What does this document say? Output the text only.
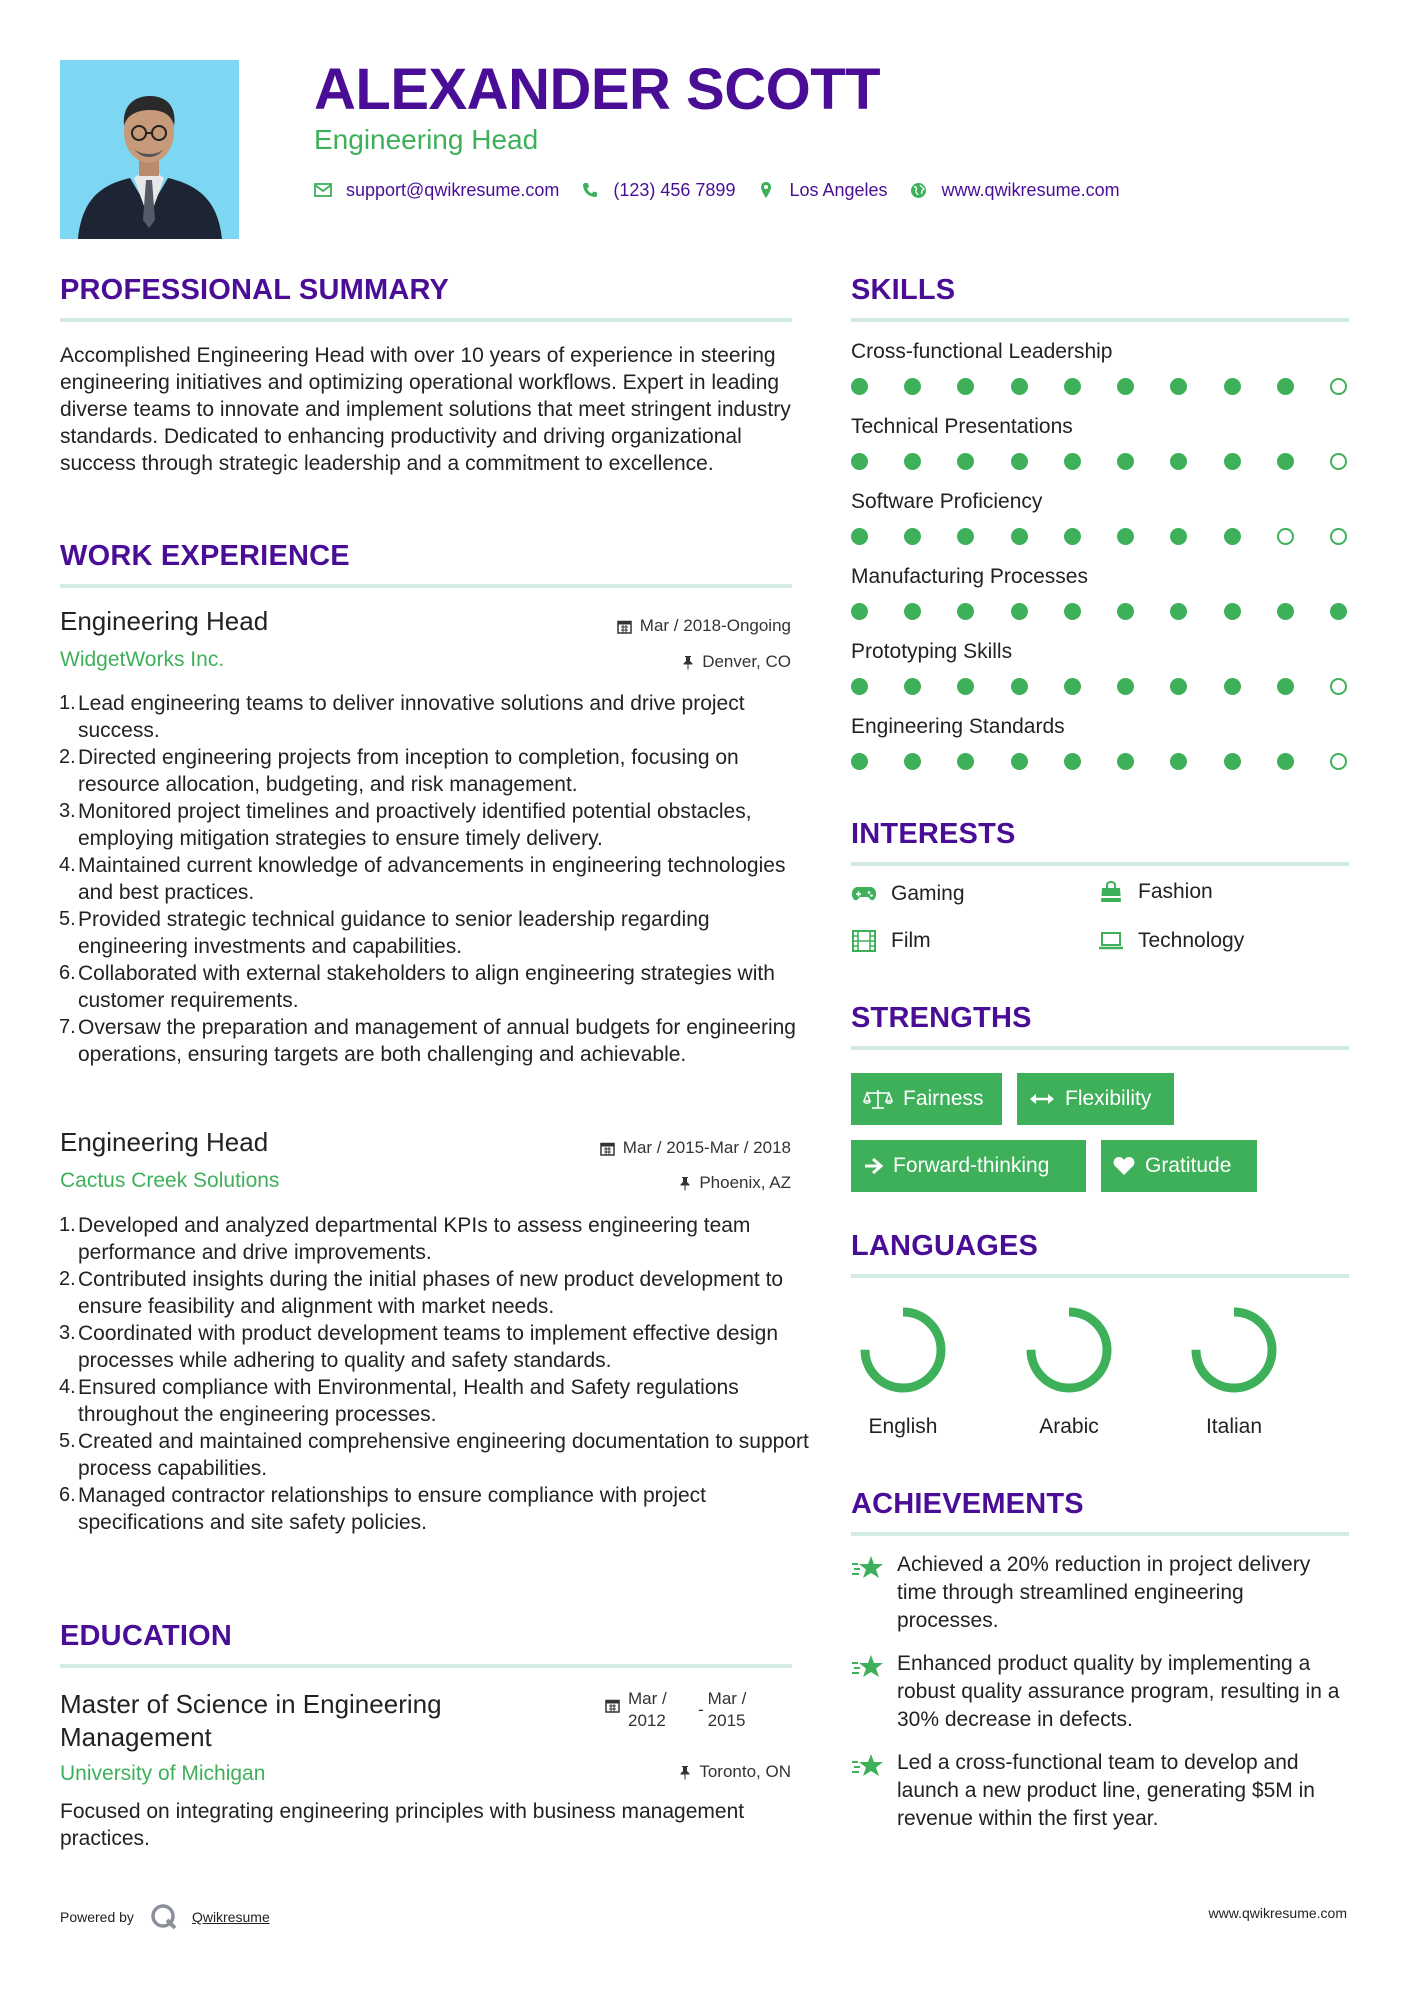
ALEXANDER SCOTT
Engineering Head
support@qwikresume.com	(123) 456 7899	Los Angeles	www.qwikresume.com
PROFESSIONAL SUMMARY
Accomplished Engineering Head with over 10 years of experience in steering engineering initiatives and optimizing operational workflows. Expert in leading diverse teams to innovate and implement solutions that meet stringent industry standards. Dedicated to enhancing productivity and driving organizational success through strategic leadership and a commitment to excellence.
WORK EXPERIENCE
Engineering Head	Mar / 2018-Ongoing
WidgetWorks Inc.	Denver, CO
1. Lead engineering teams to deliver innovative solutions and drive project success.
2. Directed engineering projects from inception to completion, focusing on resource allocation, budgeting, and risk management.
3. Monitored project timelines and proactively identified potential obstacles, employing mitigation strategies to ensure timely delivery.
4. Maintained current knowledge of advancements in engineering technologies and best practices.
5. Provided strategic technical guidance to senior leadership regarding engineering investments and capabilities.
6. Collaborated with external stakeholders to align engineering strategies with customer requirements.
7. Oversaw the preparation and management of annual budgets for engineering operations, ensuring targets are both challenging and achievable.
Engineering Head	Mar / 2015-Mar / 2018
Cactus Creek Solutions	Phoenix, AZ
1. Developed and analyzed departmental KPIs to assess engineering team performance and drive improvements.
2. Contributed insights during the initial phases of new product development to ensure feasibility and alignment with market needs.
3. Coordinated with product development teams to implement effective design processes while adhering to quality and safety standards.
4. Ensured compliance with Environmental, Health and Safety regulations throughout the engineering processes.
5. Created and maintained comprehensive engineering documentation to support process capabilities.
6. Managed contractor relationships to ensure compliance with project specifications and site safety policies.
EDUCATION
Master of Science in Engineering Management
Mar / 2012
-
Mar / 2015
University of Michigan	Toronto, ON
Focused on integrating engineering principles with business management practices.
SKILLS
Cross-functional Leadership
Technical Presentations
Software Proficiency
Manufacturing Processes
Prototyping Skills
Engineering Standards
INTERESTS
Gaming	Fashion
Film	Technology
STRENGTHS
Fairness	Flexibility
Forward-thinking	Gratitude
LANGUAGES
English	Arabic	Italian
ACHIEVEMENTS
Achieved a 20% reduction in project delivery time through streamlined engineering processes.
Enhanced product quality by implementing a robust quality assurance program, resulting in a 30% decrease in defects.
Led a cross-functional team to develop and launch a new product line, generating $5M in revenue within the first year.
Powered by	Qwikresume	www.qwikresume.com
